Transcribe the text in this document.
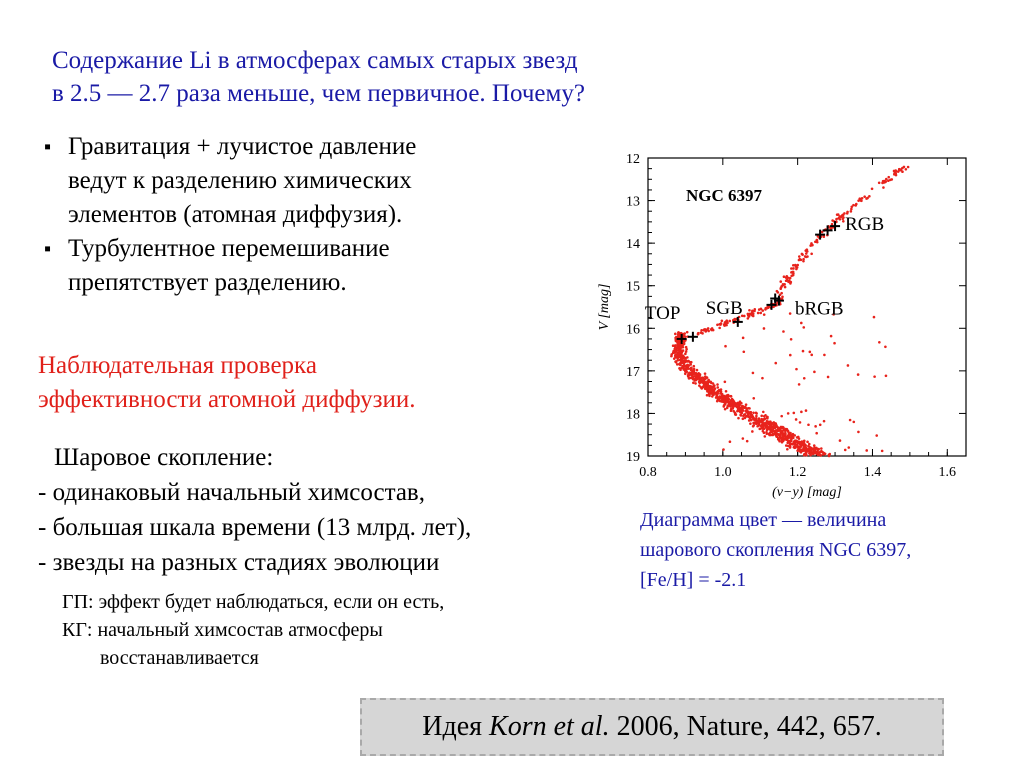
Содержание Li в атмосферах самых старых звезд
в 2.5 — 2.7 раза меньше, чем первичное. Почему?
▪ Гравитация + лучистое давление
ведут к разделению химических
элементов (атомная диффузия).
▪ Турбулентное перемешивание
препятствует разделению.
Наблюдательная проверка
эффективности атомной диффузии.
Шаровое скопление:
- одинаковый начальный химсостав,
- большая шкала времени (13 млрд. лет),
- звезды на разных стадиях эволюции
ГП: эффект будет наблюдаться, если он есть,
КГ: начальный химсостав атмосферы
восстанавливается
0.8	1.0	1.2	1.4	1.6
12
13
14
15
16
17
18
19
(v−y) [mag]
V [mag]
NGC 6397
TOP SGB	bRGB
RGB
Диаграмма цвет — величина
шарового скопления NGC 6397,
[Fe/H] = -2.1
Идея Korn et al. 2006, Nature, 442, 657.
